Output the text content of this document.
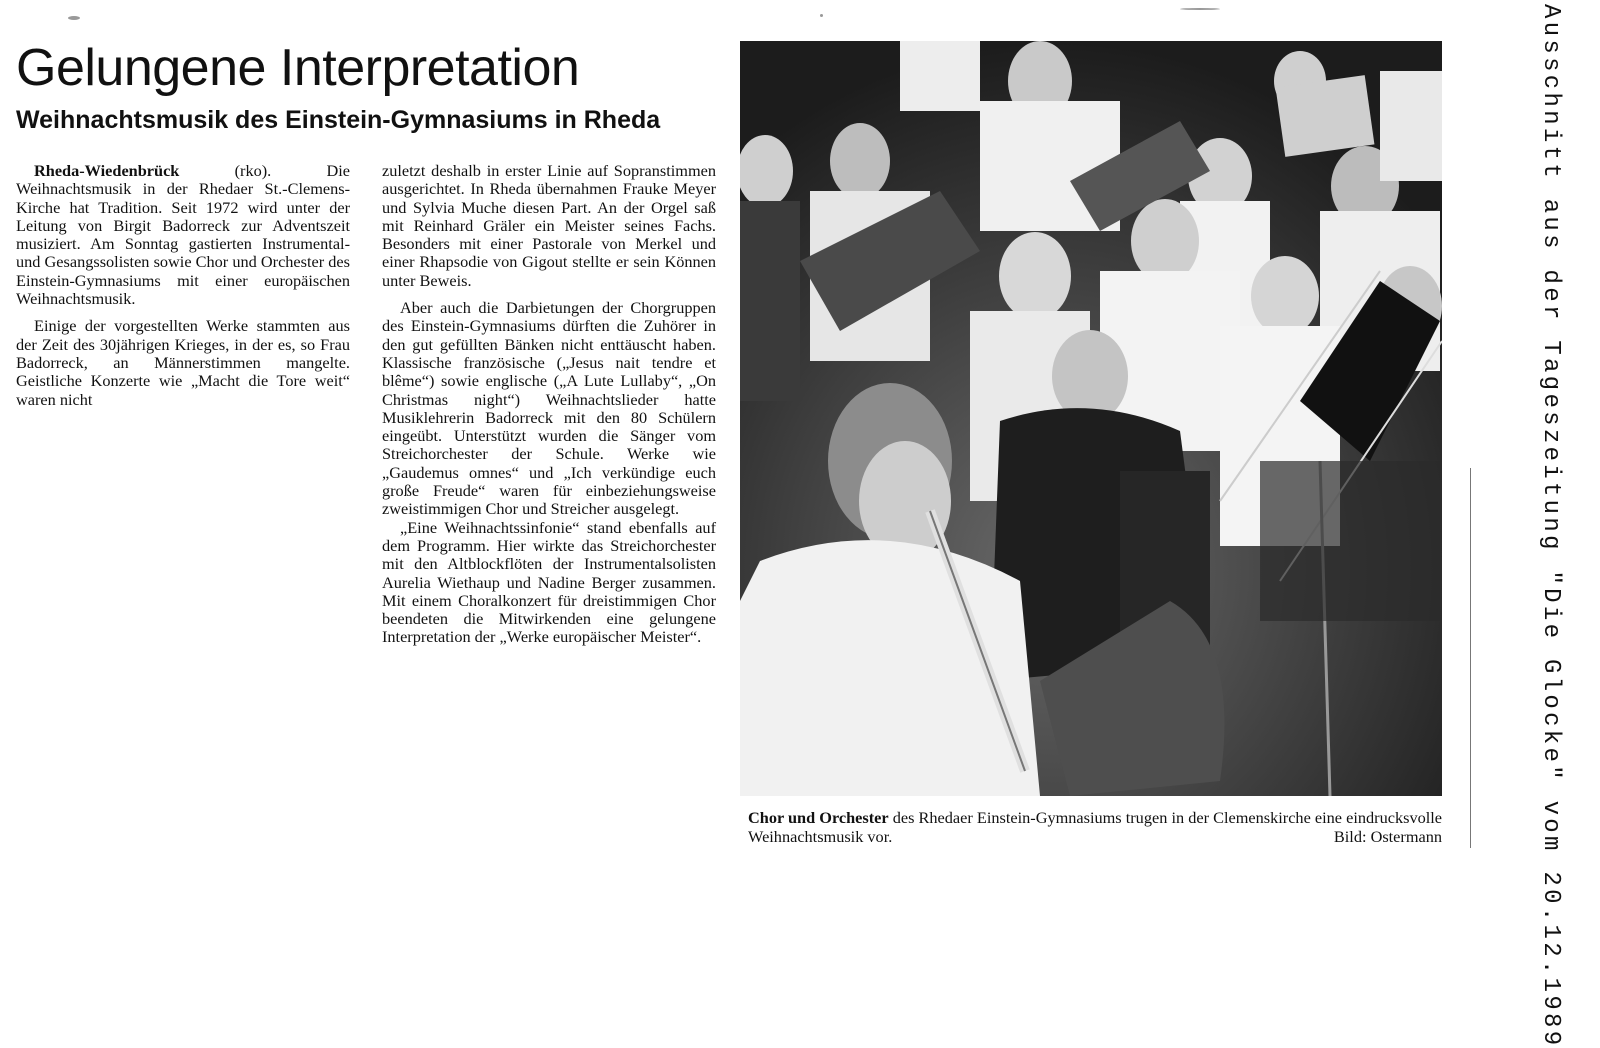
Gelungene Interpretation
Weihnachtsmusik des Einstein-Gymnasiums in Rheda

Rheda-Wiedenbrück	(rko). Die Weihnachtsmusik in der Rhedaer St.-Clemens-Kirche hat Tradition. Seit 1972 wird unter der Leitung von Birgit Badorreck zur Adventszeit musiziert. Am Sonntag gastierten Instrumental- und Gesangssolisten sowie Chor und Orchester des Einstein-Gymnasiums mit einer europäischen Weihnachtsmusik.

Einige der vorgestellten Werke stammten aus der Zeit des 30jährigen Krieges, in der es, so Frau Badorreck, an Männerstimmen mangelte. Geistliche Konzerte wie „Macht die Tore weit“ waren nicht

zuletzt deshalb in erster Linie auf Sopranstimmen ausgerichtet. In Rheda übernahmen Frauke Meyer und Sylvia Muche diesen Part. An der Orgel saß mit Reinhard Gräler ein Meister seines Fachs. Besonders mit einer Pastorale von Merkel und einer Rhapsodie von Gigout stellte er sein Können unter Beweis.

Aber auch die Darbietungen der Chorgruppen des Einstein-Gymnasiums dürften die Zuhörer in den gut gefüllten Bänken nicht enttäuscht haben. Klassische französische („Jesus nait tendre et blême“) sowie englische („A Lute Lullaby“, „On Christmas night“) Weihnachtslieder hatte Musiklehrerin Badorreck mit den 80 Schülern eingeübt. Unterstützt wurden die Sänger vom Streichorchester der Schule. Werke wie „Gaudemus omnes“ und „Ich verkündige euch große Freude“ waren für einbeziehungsweise zweistimmigen Chor und Streicher ausgelegt.

„Eine Weihnachtssinfonie“ stand ebenfalls auf dem Programm. Hier wirkte das Streichorchester mit den Altblockflöten der Instrumentalsolisten Aurelia Wiethaup und Nadine Berger zusammen. Mit einem Choralkonzert für dreistimmigen Chor beendeten die Mitwirkenden eine gelungene Interpretation der „Werke europäischer Meister“.

Chor und Orchester des Rhedaer Einstein-Gymnasiums trugen in der Clemenskirche eine eindrucksvolle Weihnachtsmusik vor.	Bild: Ostermann	Ausschnitt aus der Tageszeitung "Die Glocke" vom 20.12.1989
